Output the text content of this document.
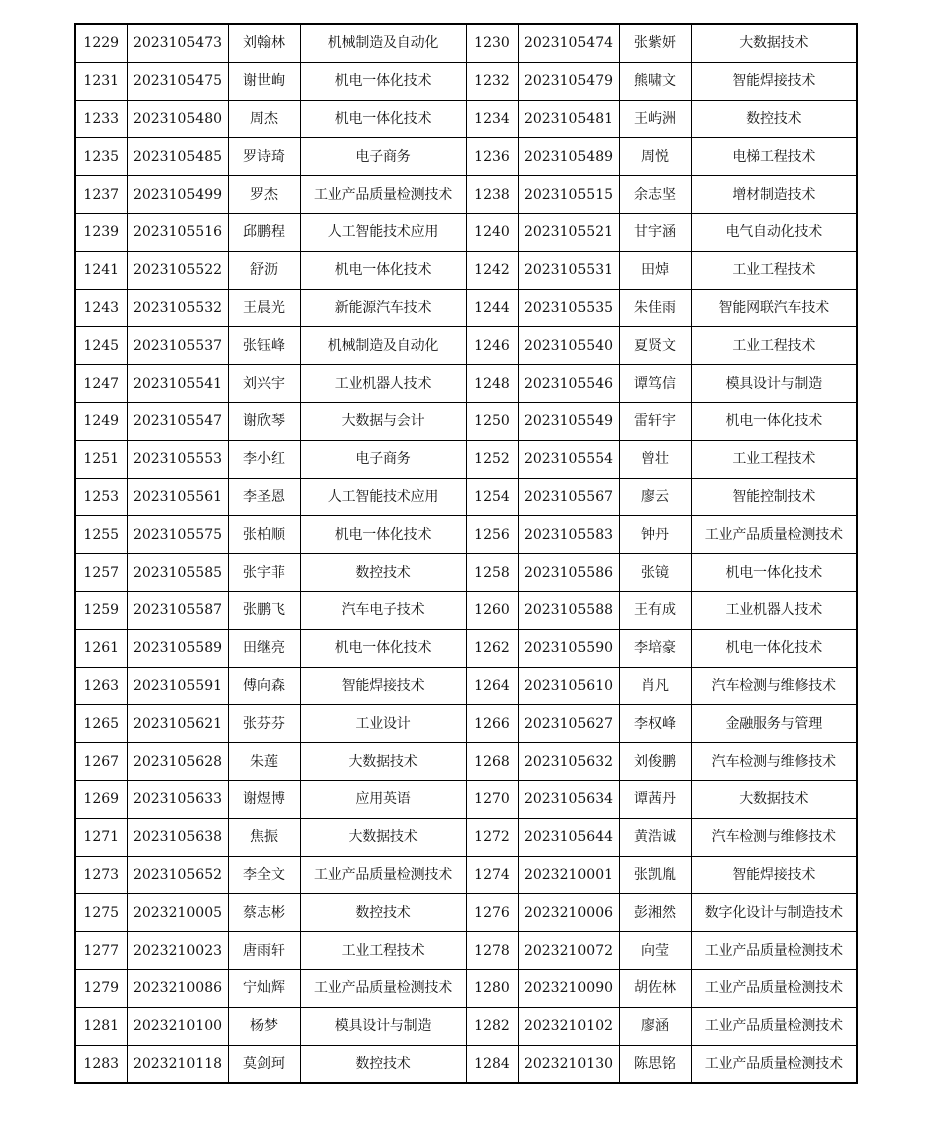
1229	2023105473	刘翰林	机械制造及自动化	1230	2023105474	张紫妍	大数据技术
1231	2023105475	谢世峋	机电一体化技术	1232	2023105479	熊啸文	智能焊接技术
1233	2023105480	周杰	机电一体化技术	1234	2023105481	王屿洲	数控技术
1235	2023105485	罗诗琦	电子商务	1236	2023105489	周悦	电梯工程技术
1237	2023105499	罗杰	工业产品质量检测技术	1238	2023105515	余志坚	增材制造技术
1239	2023105516	邱鹏程	人工智能技术应用	1240	2023105521	甘宇涵	电气自动化技术
1241	2023105522	舒沥	机电一体化技术	1242	2023105531	田焯	工业工程技术
1243	2023105532	王晨光	新能源汽车技术	1244	2023105535	朱佳雨	智能网联汽车技术
1245	2023105537	张钰峰	机械制造及自动化	1246	2023105540	夏贤文	工业工程技术
1247	2023105541	刘兴宇	工业机器人技术	1248	2023105546	谭笃信	模具设计与制造
1249	2023105547	谢欣琴	大数据与会计	1250	2023105549	雷轩宇	机电一体化技术
1251	2023105553	李小红	电子商务	1252	2023105554	曾壮	工业工程技术
1253	2023105561	李圣恩	人工智能技术应用	1254	2023105567	廖云	智能控制技术
1255	2023105575	张柏顺	机电一体化技术	1256	2023105583	钟丹	工业产品质量检测技术
1257	2023105585	张宇菲	数控技术	1258	2023105586	张镜	机电一体化技术
1259	2023105587	张鹏飞	汽车电子技术	1260	2023105588	王有成	工业机器人技术
1261	2023105589	田继亮	机电一体化技术	1262	2023105590	李培豪	机电一体化技术
1263	2023105591	傅向森	智能焊接技术	1264	2023105610	肖凡	汽车检测与维修技术
1265	2023105621	张芬芬	工业设计	1266	2023105627	李权峰	金融服务与管理
1267	2023105628	朱莲	大数据技术	1268	2023105632	刘俊鹏	汽车检测与维修技术
1269	2023105633	谢煜博	应用英语	1270	2023105634	谭茜丹	大数据技术
1271	2023105638	焦振	大数据技术	1272	2023105644	黄浩诚	汽车检测与维修技术
1273	2023105652	李全文	工业产品质量检测技术	1274	2023210001	张凯胤	智能焊接技术
1275	2023210005	蔡志彬	数控技术	1276	2023210006	彭湘然	数字化设计与制造技术
1277	2023210023	唐雨轩	工业工程技术	1278	2023210072	向莹	工业产品质量检测技术
1279	2023210086	宁灿辉	工业产品质量检测技术	1280	2023210090	胡佐林	工业产品质量检测技术
1281	2023210100	杨梦	模具设计与制造	1282	2023210102	廖涵	工业产品质量检测技术
1283	2023210118	莫剑珂	数控技术	1284	2023210130	陈思铭	工业产品质量检测技术
